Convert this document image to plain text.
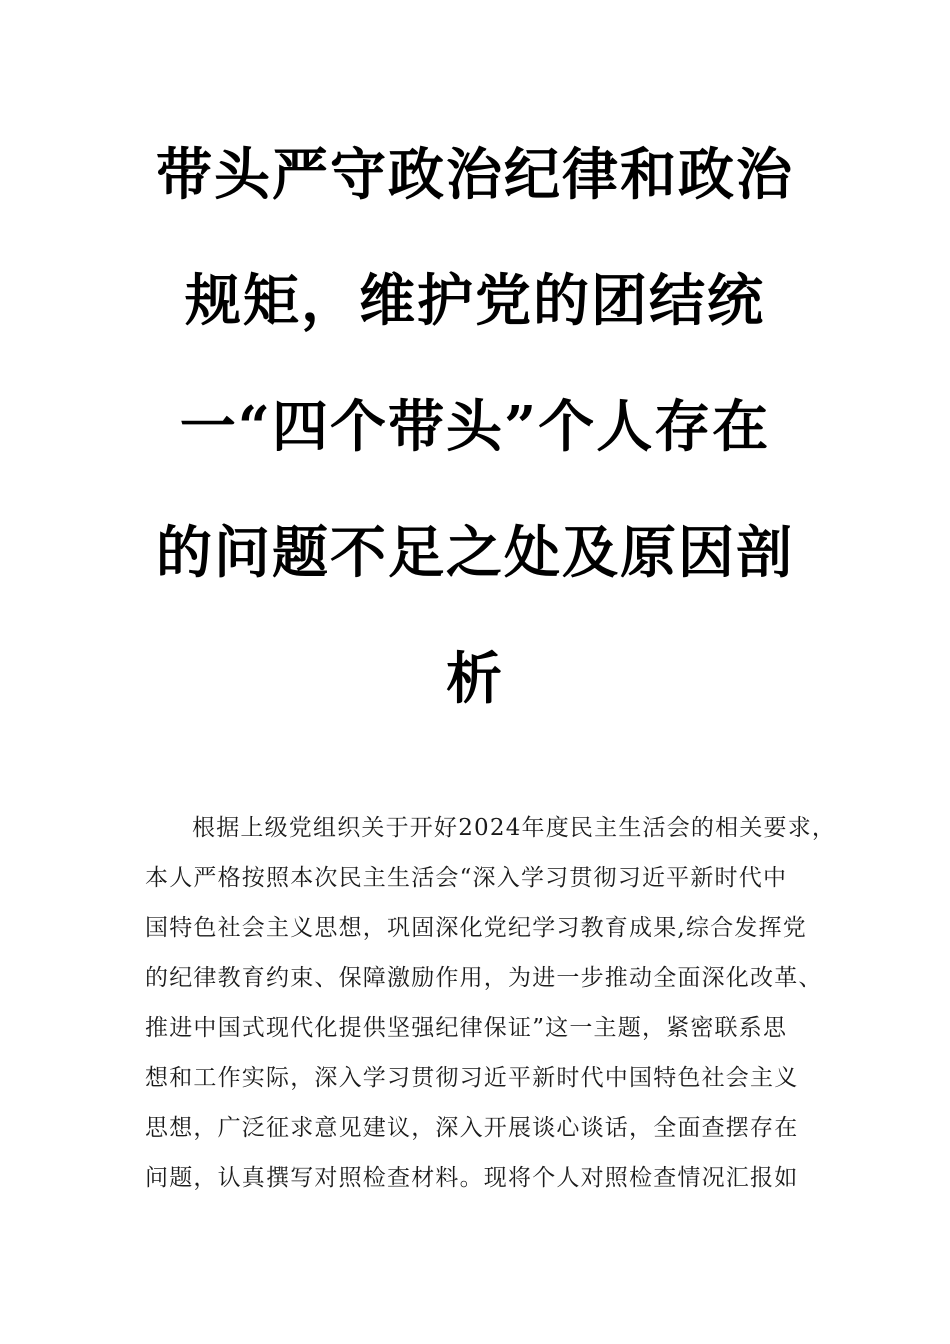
带头严守政治纪律和政治
规矩，维护党的团结统
一“四个带头”个人存在
的问题不足之处及原因剖
析
根据上级党组织关于开好2024年度民主生活会的相关要求，
本人严格按照本次民主生活会“深入学习贯彻习近平新时代中
国特色社会主义思想，巩固深化党纪学习教育成果,综合发挥党
的纪律教育约束、保障激励作用，为进一步推动全面深化改革、
推进中国式现代化提供坚强纪律保证”这一主题，紧密联系思
想和工作实际，深入学习贯彻习近平新时代中国特色社会主义
思想，广泛征求意见建议，深入开展谈心谈话，全面查摆存在
问题，认真撰写对照检查材料。现将个人对照检查情况汇报如
